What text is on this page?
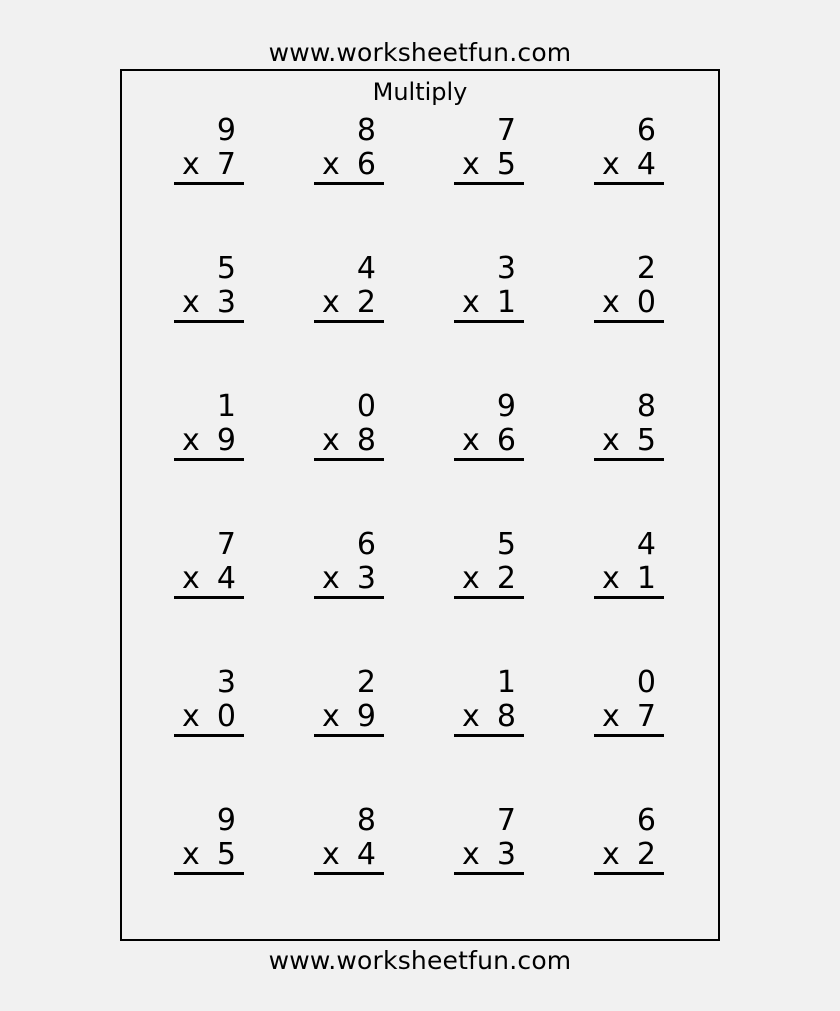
www.worksheetfun.com
Multiply
9
x 7
8
x 6
7
x 5
6
x 4
5
x 3
4
x 2
3
x 1
2
x 0
1
x 9
0
x 8
9
x 6
8
x 5
7
x 4
6
x 3
5
x 2
4
x 1
3
x 0
2
x 9
1
x 8
0
x 7
9
x 5
8
x 4
7
x 3
6
x 2
www.worksheetfun.com
